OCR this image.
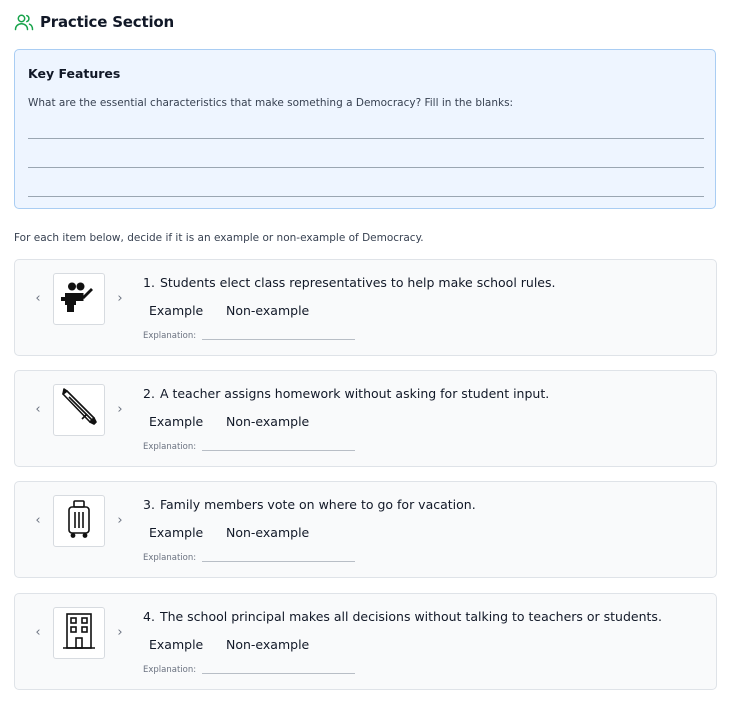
Practice Section
Key Features
What are the essential characteristics that make something a Democracy? Fill in the blanks:
For each item below, decide if it is an example or non-example of Democracy.
‹	›
1. Students elect class representatives to help make school rules.
Example Non-example
Explanation:
‹	›
2. A teacher assigns homework without asking for student input.
Example Non-example
Explanation:
‹	›
3. Family members vote on where to go for vacation.
Example Non-example
Explanation:
‹	›
4. The school principal makes all decisions without talking to teachers or students.
Example Non-example
Explanation:
